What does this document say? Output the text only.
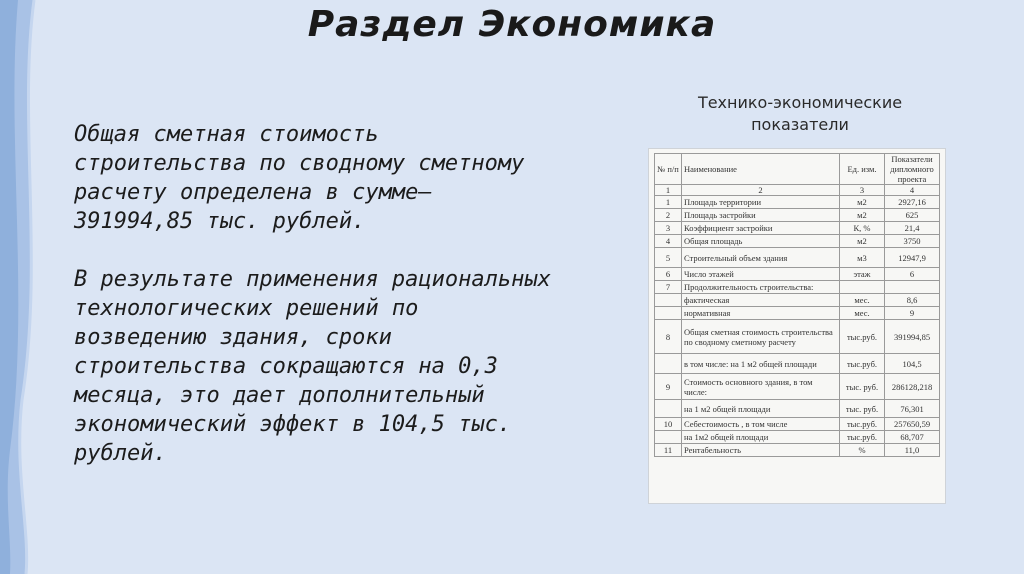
Раздел Экономика

Общая сметная стоимость строительства по сводному сметному расчету определена в сумме– 391994,85 тыс. рублей.

В результате применения рациональных технологических решений по возведению здания, сроки строительства сокращаются на 0,3 месяца, это дает дополнительный экономический эффект в 104,5 тыс. рублей.

Технико-экономические показатели
№ п/п	Наименование	Ед. изм.	Показатели дипломного проекта
1	2	3	4
1	Площадь территории	м2	2927,16
2	Площадь застройки	м2	625
3	Коэффициент застройки	К, %	21,4
4	Общая площадь	м2	3750
5	Строительный объем здания	м3	12947,9
6	Число этажей	этаж	6
7	Продолжительность строительства:		
	фактическая	мес.	8,6
	нормативная	мес.	9
8	Общая сметная стоимость строительства по сводному сметному расчету	тыс.руб.	391994,85
	в том числе: на 1 м2 общей площади	тыс.руб.	104,5
9	Стоимость основного здания, в том числе:	тыс. руб.	286128,218
	на 1 м2 общей площади	тыс. руб.	76,301
10	Себестоимость , в том числе	тыс.руб.	257650,59
	на 1м2 общей площади	тыс.руб.	68,707
11	Рентабельность	%	11,0
